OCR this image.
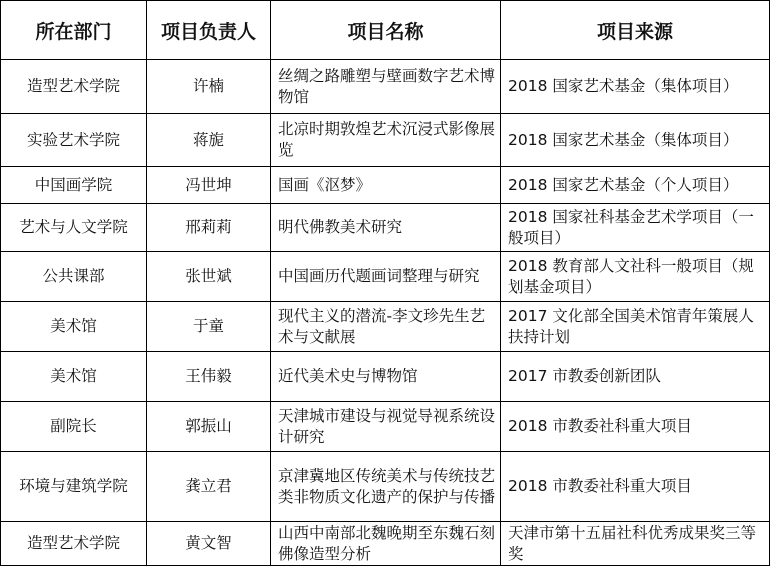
所在部门	项目负责人	项目名称	项目来源
造型艺术学院	许楠	丝绸之路雕塑与壁画数字艺术博物馆	2018 国家艺术基金（集体项目）
实验艺术学院	蒋旎	北凉时期敦煌艺术沉浸式影像展览	2018 国家艺术基金（集体项目）
中国画学院	冯世坤	国画《沤梦》	2018 国家艺术基金（个人项目）
艺术与人文学院	邢莉莉	明代佛教美术研究	2018 国家社科基金艺术学项目（一般项目）
公共课部	张世斌	中国画历代题画词整理与研究	2018 教育部人文社科一般项目（规划基金项目）
美术馆	于童	现代主义的潜流-李文珍先生艺术与文献展	2017 文化部全国美术馆青年策展人扶持计划
美术馆	王伟毅	近代美术史与博物馆	2017 市教委创新团队
副院长	郭振山	天津城市建设与视觉导视系统设计研究	2018 市教委社科重大项目
环境与建筑学院	龚立君	京津冀地区传统美术与传统技艺类非物质文化遗产的保护与传播	2018 市教委社科重大项目
造型艺术学院	黄文智	山西中南部北魏晚期至东魏石刻佛像造型分析	天津市第十五届社科优秀成果奖三等奖
